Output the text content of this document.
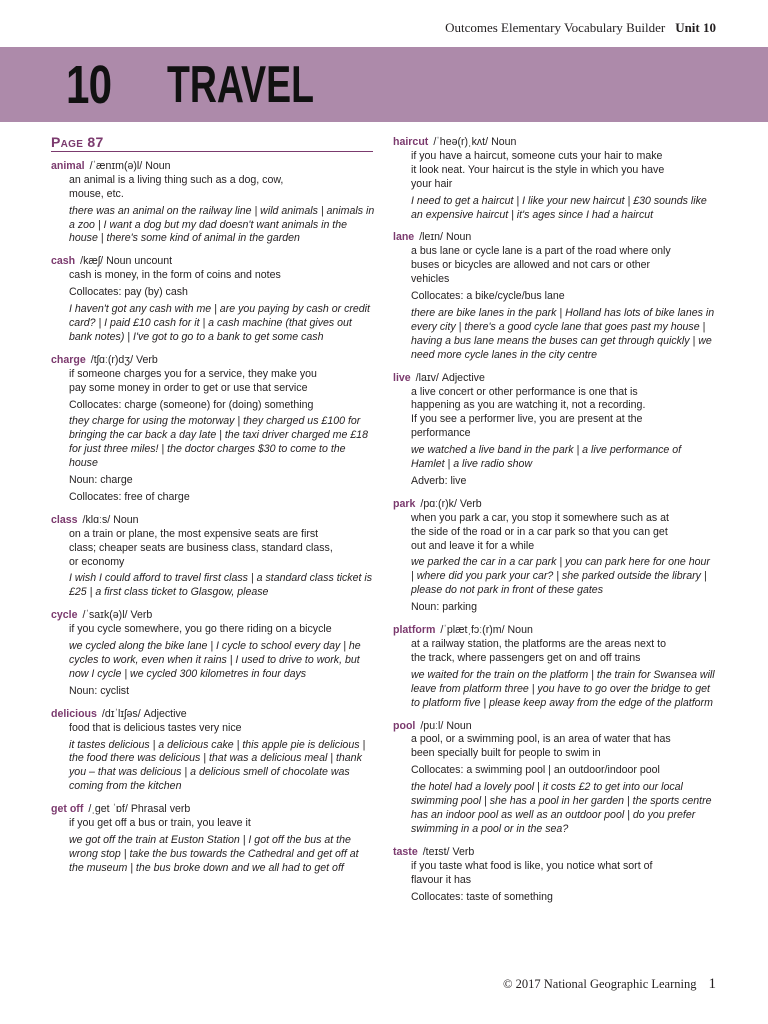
Outcomes Elementary Vocabulary Builder Unit 10
10 TRAVEL
Page 87
animal /ˈænɪm(ə)l/ Noun

an animal is a living thing such as a dog, cow,

mouse, etc.

there was an animal on the railway line | wild animals | animals in a zoo | I want a dog but my dad doesn't want animals in the house | there's some kind of animal in the garden
cash /kæʃ/ Noun uncount

cash is money, in the form of coins and notes

Collocates: pay (by) cash
I haven't got any cash with me | are you paying by cash or credit card? | I paid £10 cash for it | a cash machine (that gives out bank notes) | I've got to go to a bank to get some cash
charge /tʃɑː(r)dʒ/ Verb

if someone charges you for a service, they make you

pay some money in order to get or use that service

Collocates: charge (someone) for (doing) something
they charge for using the motorway | they charged us £100 for bringing the car back a day late | the taxi driver charged me £18 for just three miles! | the doctor charges $30 to come to the house
Noun: charge
Collocates: free of charge
class /klɑːs/ Noun

on a train or plane, the most expensive seats are first

class; cheaper seats are business class, standard class,

or economy

I wish I could afford to travel first class | a standard class ticket is £25 | a first class ticket to Glasgow, please
cycle /ˈsaɪk(ə)l/ Verb

if you cycle somewhere, you go there riding on a bicycle

we cycled along the bike lane | I cycle to school every day | he cycles to work, even when it rains | I used to drive to work, but now I cycle | we cycled 300 kilometres in four days
Noun: cyclist
delicious /dɪˈlɪʃəs/ Adjective

food that is delicious tastes very nice

it tastes delicious | a delicious cake | this apple pie is delicious | the food there was delicious | that was a delicious meal | thank you – that was delicious | a delicious smell of chocolate was coming from the kitchen
get off /ˌget ˈɒf/ Phrasal verb

if you get off a bus or train, you leave it

we got off the train at Euston Station | I got off the bus at the wrong stop | take the bus towards the Cathedral and get off at the museum | the bus broke down and we all had to get off
haircut /ˈheə(r)ˌkʌt/ Noun

if you have a haircut, someone cuts your hair to make

it look neat. Your haircut is the style in which you have

your hair

I need to get a haircut | I like your new haircut | £30 sounds like an expensive haircut | it's ages since I had a haircut
lane /leɪn/ Noun

a bus lane or cycle lane is a part of the road where only

buses or bicycles are allowed and not cars or other

vehicles

Collocates: a bike/cycle/bus lane
there are bike lanes in the park | Holland has lots of bike lanes in every city | there's a good cycle lane that goes past my house | having a bus lane means the buses can get through quickly | we need more cycle lanes in the city centre
live /laɪv/ Adjective

a live concert or other performance is one that is

happening as you are watching it, not a recording.

If you see a performer live, you are present at the

performance

we watched a live band in the park | a live performance of Hamlet | a live radio show
Adverb: live
park /pɑː(r)k/ Verb

when you park a car, you stop it somewhere such as at

the side of the road or in a car park so that you can get

out and leave it for a while

we parked the car in a car park | you can park here for one hour | where did you park your car? | she parked outside the library | please do not park in front of these gates
Noun: parking
platform /ˈplætˌfɔː(r)m/ Noun

at a railway station, the platforms are the areas next to

the track, where passengers get on and off trains

we waited for the train on the platform | the train for Swansea will leave from platform three | you have to go over the bridge to get to platform five | please keep away from the edge of the platform
pool /puːl/ Noun

a pool, or a swimming pool, is an area of water that has

been specially built for people to swim in

Collocates: a swimming pool | an outdoor/indoor pool
the hotel had a lovely pool | it costs £2 to get into our local swimming pool | she has a pool in her garden | the sports centre has an indoor pool as well as an outdoor pool | do you prefer swimming in a pool or in the sea?
taste /teɪst/ Verb

if you taste what food is like, you notice what sort of

flavour it has

Collocates: taste of something
© 2017 National Geographic Learning 1
